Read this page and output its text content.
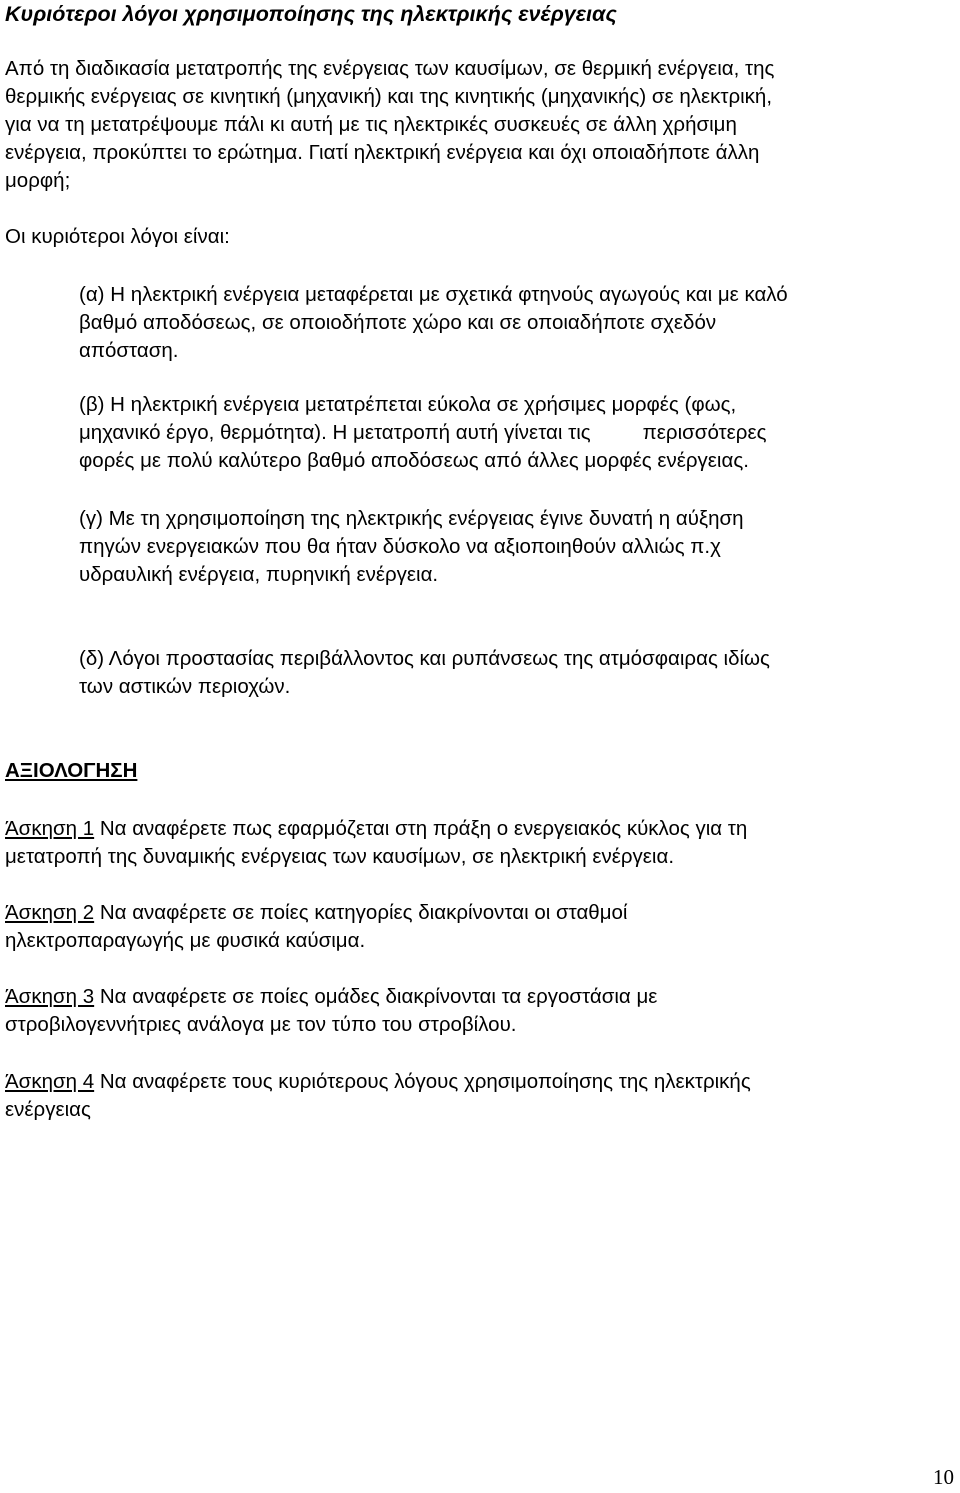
Κυριότεροι λόγοι χρησιμοποίησης της ηλεκτρικής ενέργειας
Από τη διαδικασία μετατροπής της ενέργειας των καυσίμων, σε θερμική ενέργεια, της
θερμικής ενέργειας σε κινητική (μηχανική) και της κινητικής (μηχανικής) σε ηλεκτρική,
για να τη μετατρέψουμε πάλι κι αυτή με τις ηλεκτρικές συσκευές σε άλλη χρήσιμη
ενέργεια, προκύπτει το ερώτημα. Γιατί ηλεκτρική ενέργεια και όχι οποιαδήποτε άλλη
μορφή;
Οι κυριότεροι λόγοι είναι:
(α) Η ηλεκτρική ενέργεια μεταφέρεται με σχετικά φτηνούς αγωγούς και με καλό
βαθμό αποδόσεως, σε οποιοδήποτε χώρο και σε οποιαδήποτε σχεδόν
απόσταση.
(β) Η ηλεκτρική ενέργεια μετατρέπεται εύκολα σε χρήσιμες μορφές (φως,
μηχανικό έργο, θερμότητα). Η μετατροπή αυτή γίνεται τις	περισσότερες
φορές με πολύ καλύτερο βαθμό αποδόσεως από άλλες μορφές ενέργειας.
(γ) Με τη χρησιμοποίηση της ηλεκτρικής ενέργειας έγινε δυνατή η αύξηση
πηγών ενεργειακών που θα ήταν δύσκολο να αξιοποιηθούν αλλιώς π.χ
υδραυλική ενέργεια, πυρηνική ενέργεια.
(δ) Λόγοι προστασίας περιβάλλοντος και ρυπάνσεως της ατμόσφαιρας ιδίως
των αστικών περιοχών.
ΑΞΙΟΛΟΓΗΣΗ
Άσκηση 1 Να αναφέρετε πως εφαρμόζεται στη πράξη ο ενεργειακός κύκλος για τη
μετατροπή της δυναμικής ενέργειας των καυσίμων, σε ηλεκτρική ενέργεια.
Άσκηση 2 Να αναφέρετε σε ποίες κατηγορίες διακρίνονται οι σταθμοί
ηλεκτροπαραγωγής με φυσικά καύσιμα.
Άσκηση 3 Να αναφέρετε σε ποίες ομάδες διακρίνονται τα εργοστάσια με
στροβιλογεννήτριες ανάλογα με τον τύπο του στροβίλου.
Άσκηση 4 Να αναφέρετε τους κυριότερους λόγους χρησιμοποίησης της ηλεκτρικής
ενέργειας
10
